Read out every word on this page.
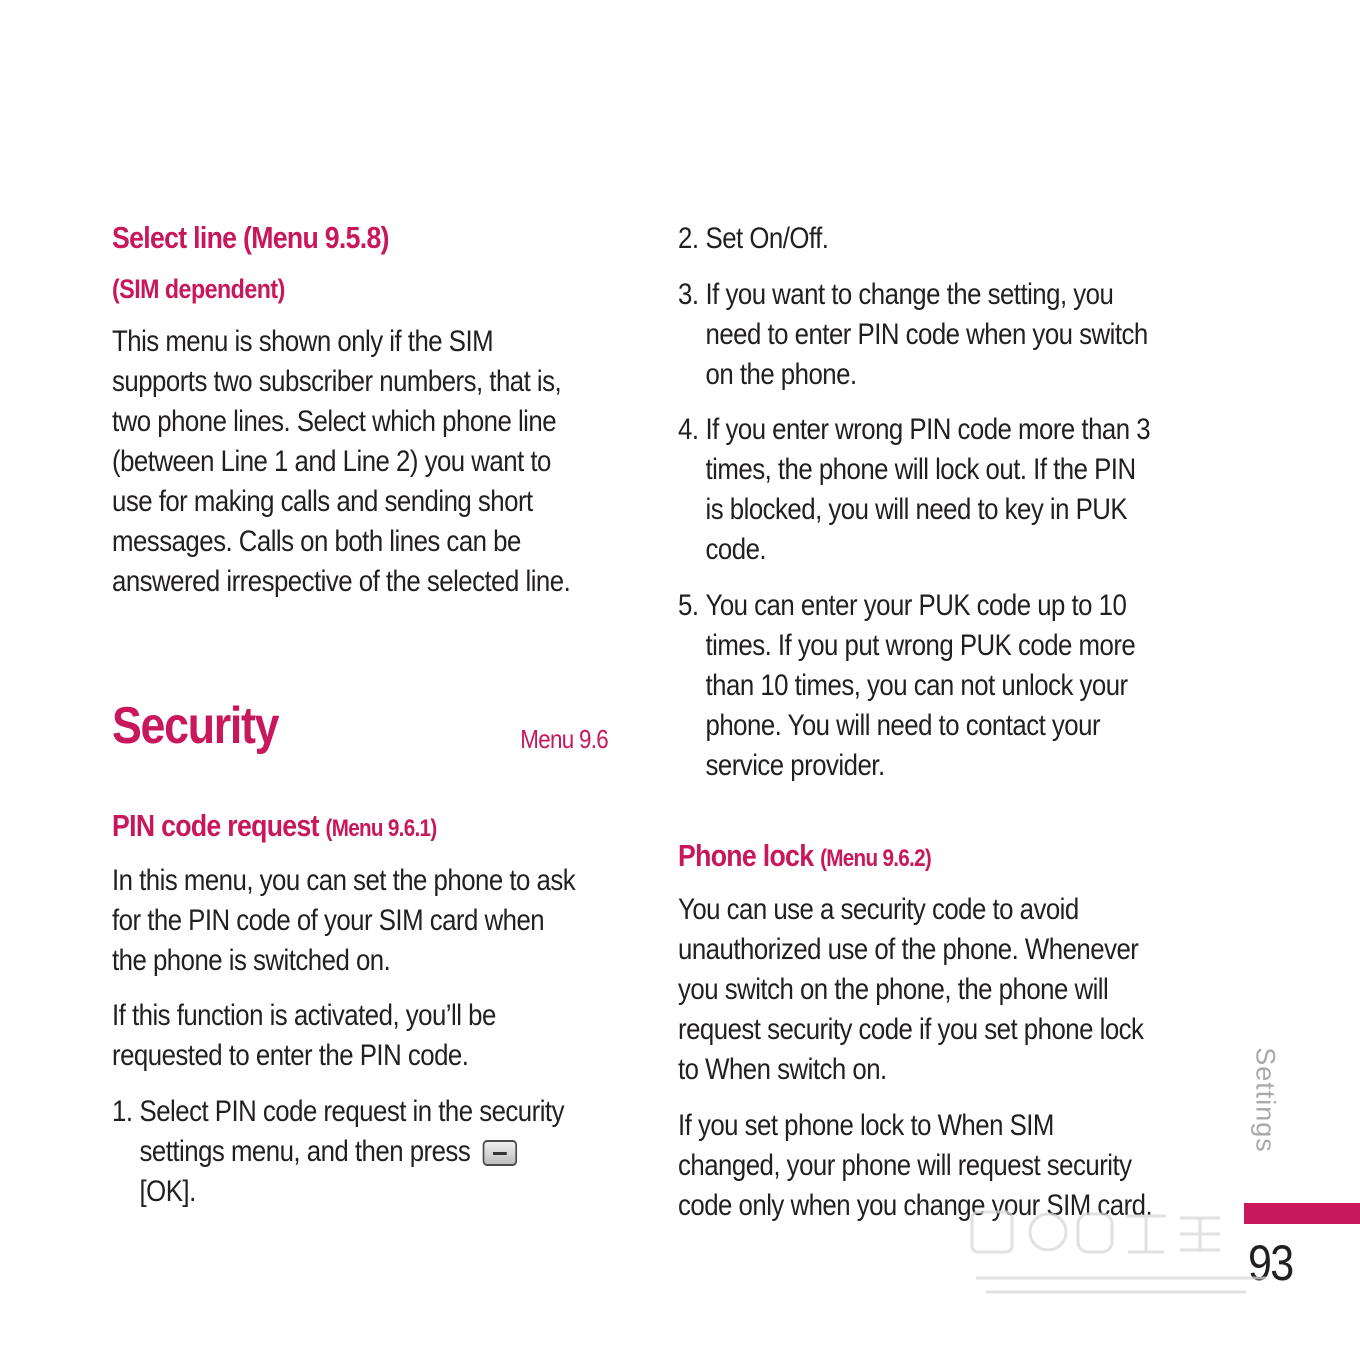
Select line (Menu 9.5.8)
(SIM dependent)
This menu is shown only if the SIM
supports two subscriber numbers, that is,
two phone lines. Select which phone line
(between Line 1 and Line 2) you want to
use for making calls and sending short
messages. Calls on both lines can be
answered irrespective of the selected line.
PIN code request (Menu 9.6.1)
In this menu, you can set the phone to ask
for the PIN code of your SIM card when
the phone is switched on.
If this function is activated, you’ll be
requested to enter the PIN code.
1. Select PIN code request in the security
settings menu, and then press
[OK].
Security	Menu 9.6
2. Set On/Off.
3. If you want to change the setting, you
need to enter PIN code when you switch
on the phone.
4. If you enter wrong PIN code more than 3
times, the phone will lock out. If the PIN
is blocked, you will need to key in PUK
code.
5. You can enter your PUK code up to 10
times. If you put wrong PUK code more
than 10 times, you can not unlock your
phone. You will need to contact your
service provider.
Phone lock (Menu 9.6.2)
You can use a security code to avoid
unauthorized use of the phone. Whenever
you switch on the phone, the phone will
request security code if you set phone lock
to When switch on.
If you set phone lock to When SIM
changed, your phone will request security
code only when you change your SIM card.
Settings
93
